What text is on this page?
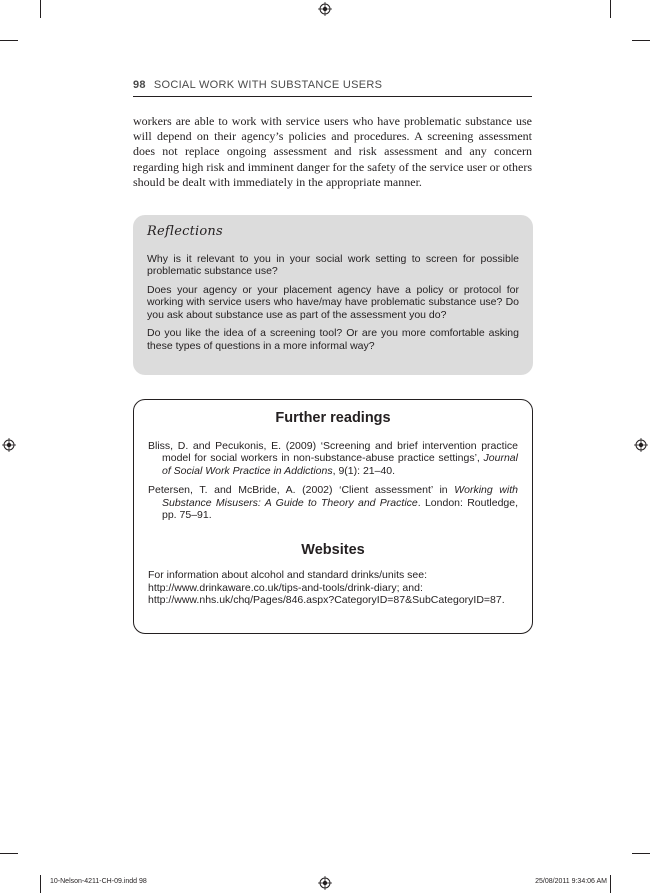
98 SOCIAL WORK WITH SUBSTANCE USERS
workers are able to work with service users who have problematic substance use will depend on their agency’s policies and procedures. A screening assessment does not replace ongoing assessment and risk assessment and any concern regarding high risk and imminent danger for the safety of the service user or others should be dealt with immediately in the appropriate manner.
Reflections

Why is it relevant to you in your social work setting to screen for possible problematic substance use?

Does your agency or your placement agency have a policy or protocol for working with service users who have/may have problematic substance use? Do you ask about substance use as part of the assessment you do?

Do you like the idea of a screening tool? Or are you more comfortable asking these types of questions in a more informal way?

Further readings

Bliss, D. and Pecukonis, E. (2009) ‘Screening and brief intervention practice model for social workers in non-substance-abuse practice settings’, Journal of Social Work Practice in Addictions, 9(1): 21–40.

Petersen, T. and McBride, A. (2002) ‘Client assessment’ in Working with Substance Misusers: A Guide to Theory and Practice. London: Routledge, pp. 75–91.

Websites

For information about alcohol and standard drinks/units see:
http://www.drinkaware.co.uk/tips-and-tools/drink-diary; and:
http://www.nhs.uk/chq/Pages/846.aspx?CategoryID=87&SubCategoryID=87.

10-Nelson-4211-CH-09.indd 98	25/08/2011 9:34:06 AM
